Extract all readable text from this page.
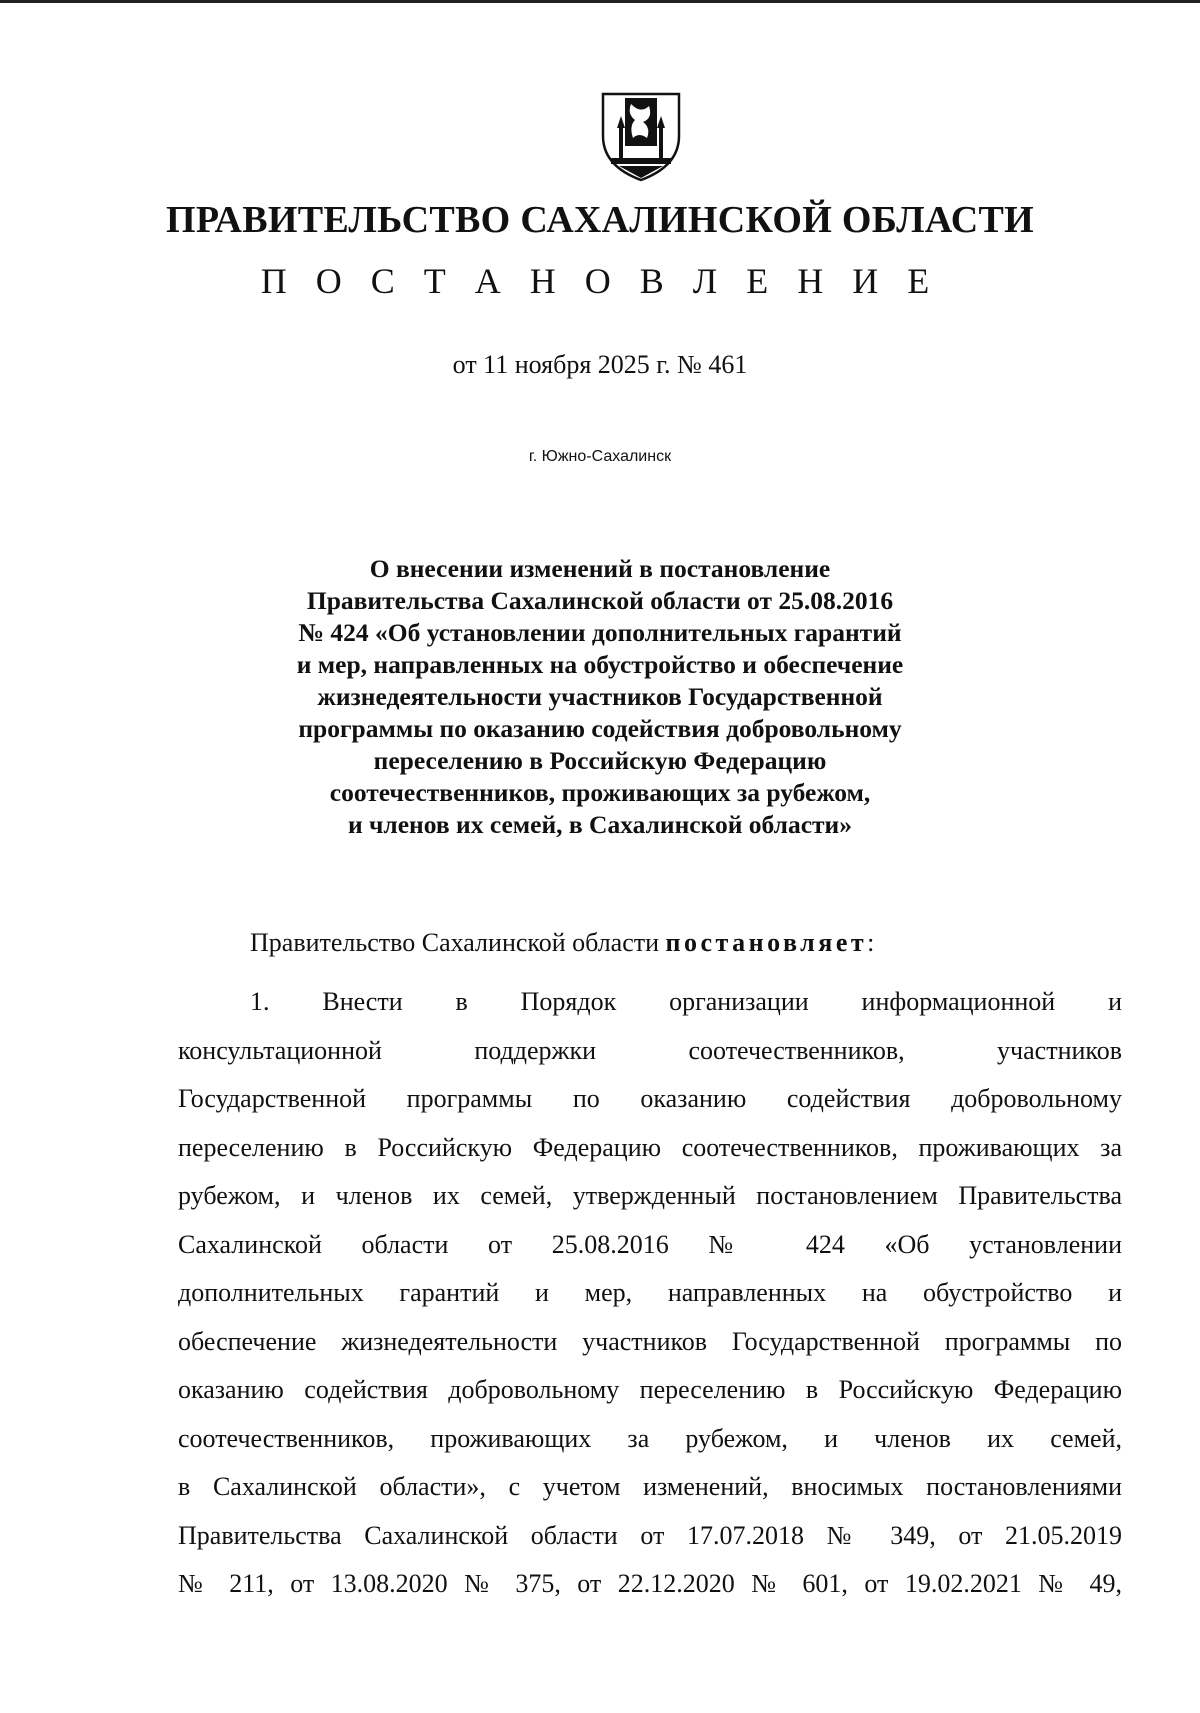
ПРАВИТЕЛЬСТВО САХАЛИНСКОЙ ОБЛАСТИ
П О С Т А Н О В Л Е Н И Е
от 11 ноября 2025 г. № 461
г. Южно-Сахалинск
О внесении изменений в постановление
Правительства Сахалинской области от 25.08.2016
№ 424 «Об установлении дополнительных гарантий
и мер, направленных на обустройство и обеспечение
жизнедеятельности участников Государственной
программы по оказанию содействия добровольному
переселению в Российскую Федерацию
соотечественников, проживающих за рубежом,
и членов их семей, в Сахалинской области»
Правительство Сахалинской области постановляет:
1. Внести в Порядок организации информационной и
консультационной поддержки соотечественников, участников
Государственной программы по оказанию содействия добровольному
переселению в Российскую Федерацию соотечественников, проживающих за
рубежом, и членов их семей, утвержденный постановлением Правительства
Сахалинской области от 25.08.2016 № 424 «Об установлении
дополнительных гарантий и мер, направленных на обустройство и
обеспечение жизнедеятельности участников Государственной программы по
оказанию содействия добровольному переселению в Российскую Федерацию
соотечественников, проживающих за рубежом, и членов их семей,
в Сахалинской области», с учетом изменений, вносимых постановлениями
Правительства Сахалинской области от 17.07.2018 № 349, от 21.05.2019
№ 211, от 13.08.2020 № 375, от 22.12.2020 № 601, от 19.02.2021 № 49,
